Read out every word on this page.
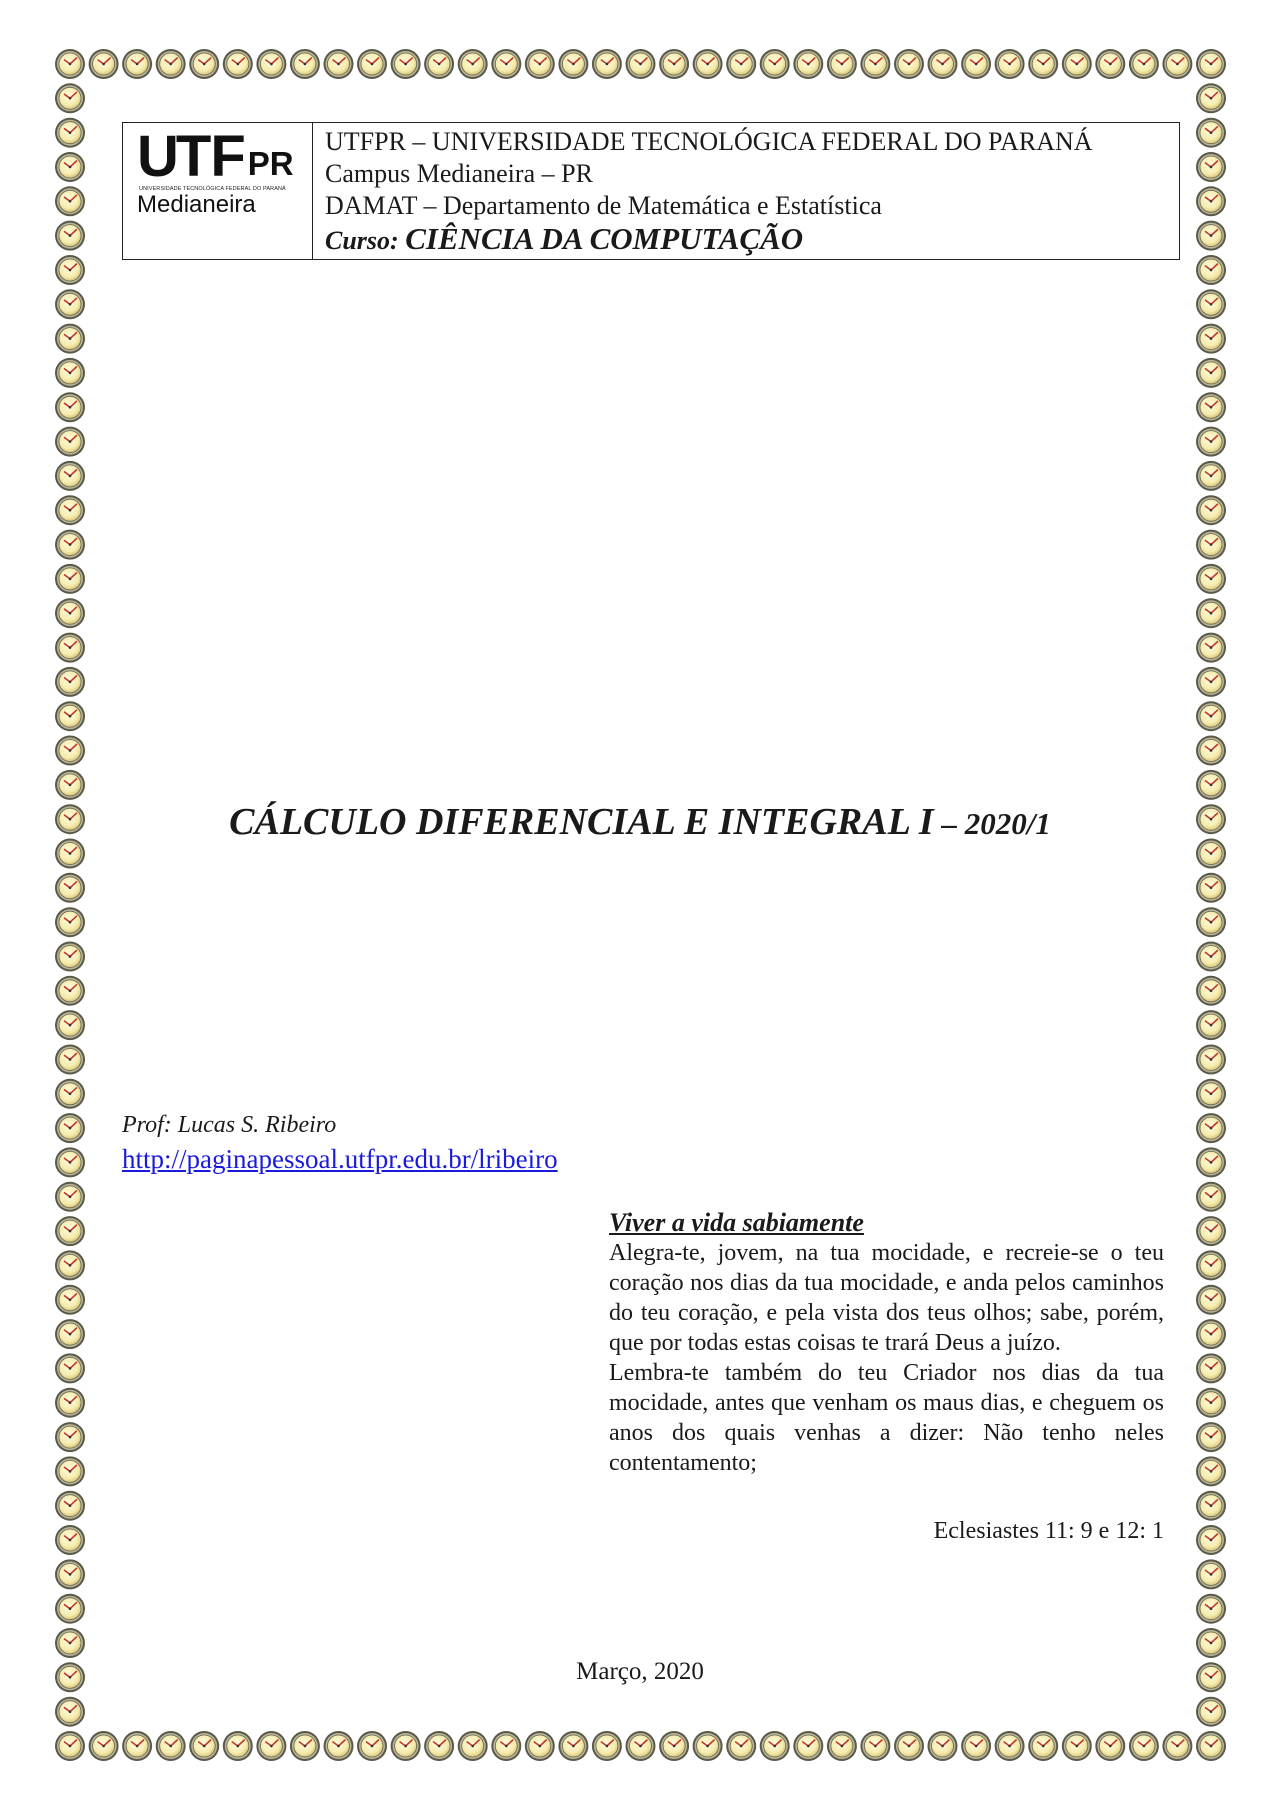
UT F PR
UNIVERSIDADE TECNOLÓGICA FEDERAL DO PARANÁ
Medianeira
UTFPR – UNIVERSIDADE TECNOLÓGICA FEDERAL DO PARANÁ
Campus Medianeira – PR
DAMAT – Departamento de Matemática e Estatística
Curso: CIÊNCIA DA COMPUTAÇÃO
CÁLCULO DIFERENCIAL E INTEGRAL I – 2020/1
Prof: Lucas S. Ribeiro
http://paginapessoal.utfpr.edu.br/lribeiro
Viver a vida sabiamente

Alegra-te, jovem, na tua mocidade, e recreie-se o teu coração nos dias da tua mocidade, e anda pelos caminhos do teu coração, e pela vista dos teus olhos; sabe, porém, que por todas estas coisas te trará Deus a juízo.

Lembra-te também do teu Criador nos dias da tua mocidade, antes que venham os maus dias, e cheguem os anos dos quais venhas a dizer: Não tenho neles contentamento;

Eclesiastes 11: 9 e 12: 1
Março, 2020
